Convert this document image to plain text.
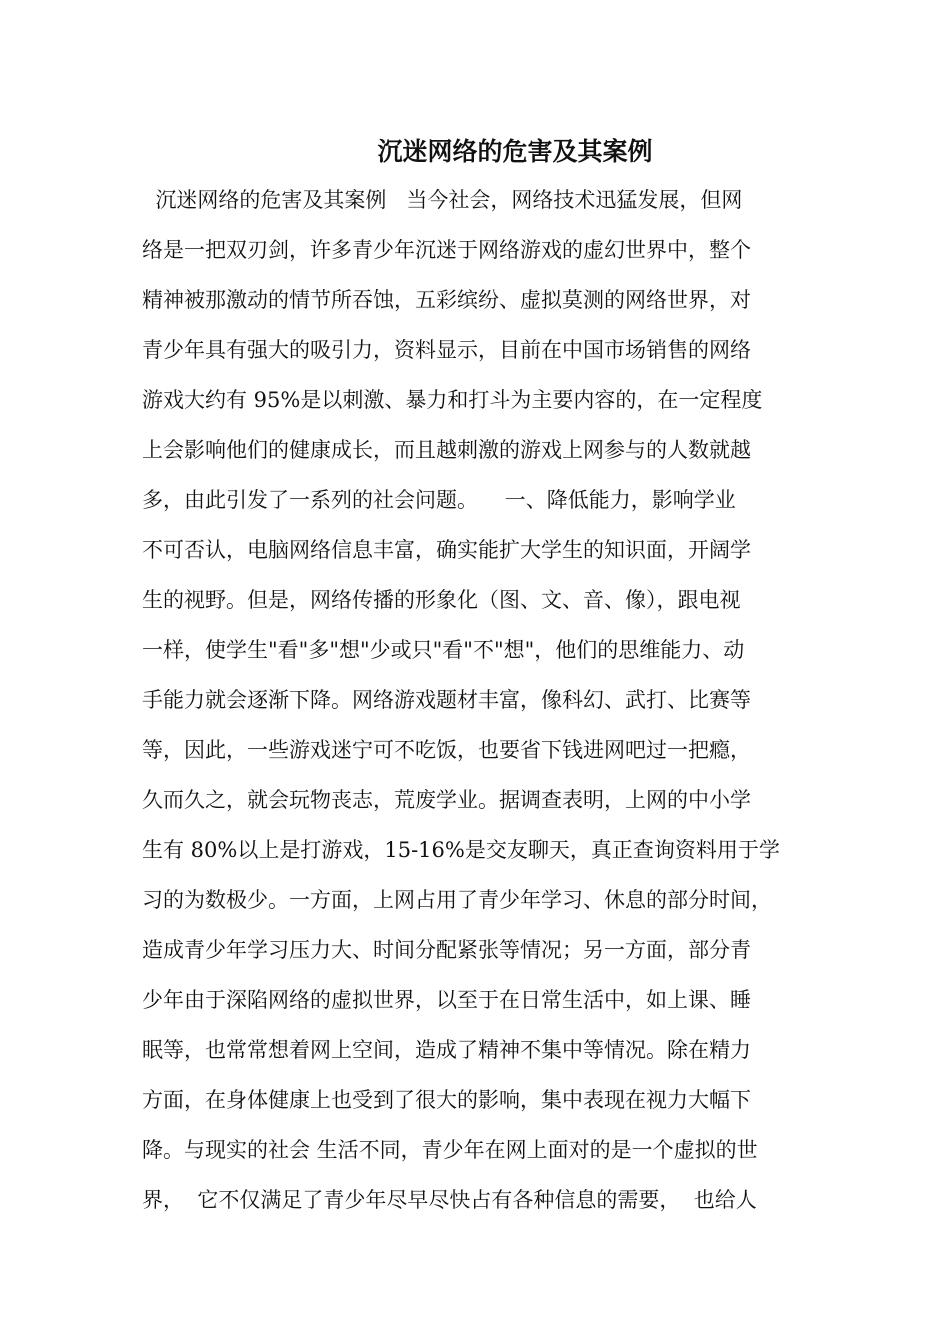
沉迷网络的危害及其案例
沉迷网络的危害及其案例   当今社会，网络技术迅猛发展，但网
络是一把双刃剑，许多青少年沉迷于网络游戏的虚幻世界中，整个
精神被那激动的情节所吞蚀，五彩缤纷、虚拟莫测的网络世界，对
青少年具有强大的吸引力，资料显示，目前在中国市场销售的网络
游戏大约有 95%是以刺激、暴力和打斗为主要内容的，在一定程度
上会影响他们的健康成长，而且越刺激的游戏上网参与的人数就越
多，由此引发了一系列的社会问题。    一、降低能力，影响学业
不可否认，电脑网络信息丰富，确实能扩大学生的知识面，开阔学
生的视野。但是，网络传播的形象化（图、文、音、像），跟电视
一样，使学生"看"多"想"少或只"看"不"想"，他们的思维能力、动
手能力就会逐渐下降。网络游戏题材丰富，像科幻、武打、比赛等
等，因此，一些游戏迷宁可不吃饭，也要省下钱进网吧过一把瘾，
久而久之，就会玩物丧志，荒废学业。据调查表明，上网的中小学
生有 80%以上是打游戏，15-16%是交友聊天，真正查询资料用于学
习的为数极少。一方面，上网占用了青少年学习、休息的部分时间，
造成青少年学习压力大、时间分配紧张等情况；另一方面，部分青
少年由于深陷网络的虚拟世界，以至于在日常生活中，如上课、睡
眠等，也常常想着网上空间，造成了精神不集中等情况。除在精力
方面，在身体健康上也受到了很大的影响，集中表现在视力大幅下
降。与现实的社会 生活不同，青少年在网上面对的是一个虚拟的世
界，  它不仅满足了青少年尽早尽快占有各种信息的需要，  也给人
